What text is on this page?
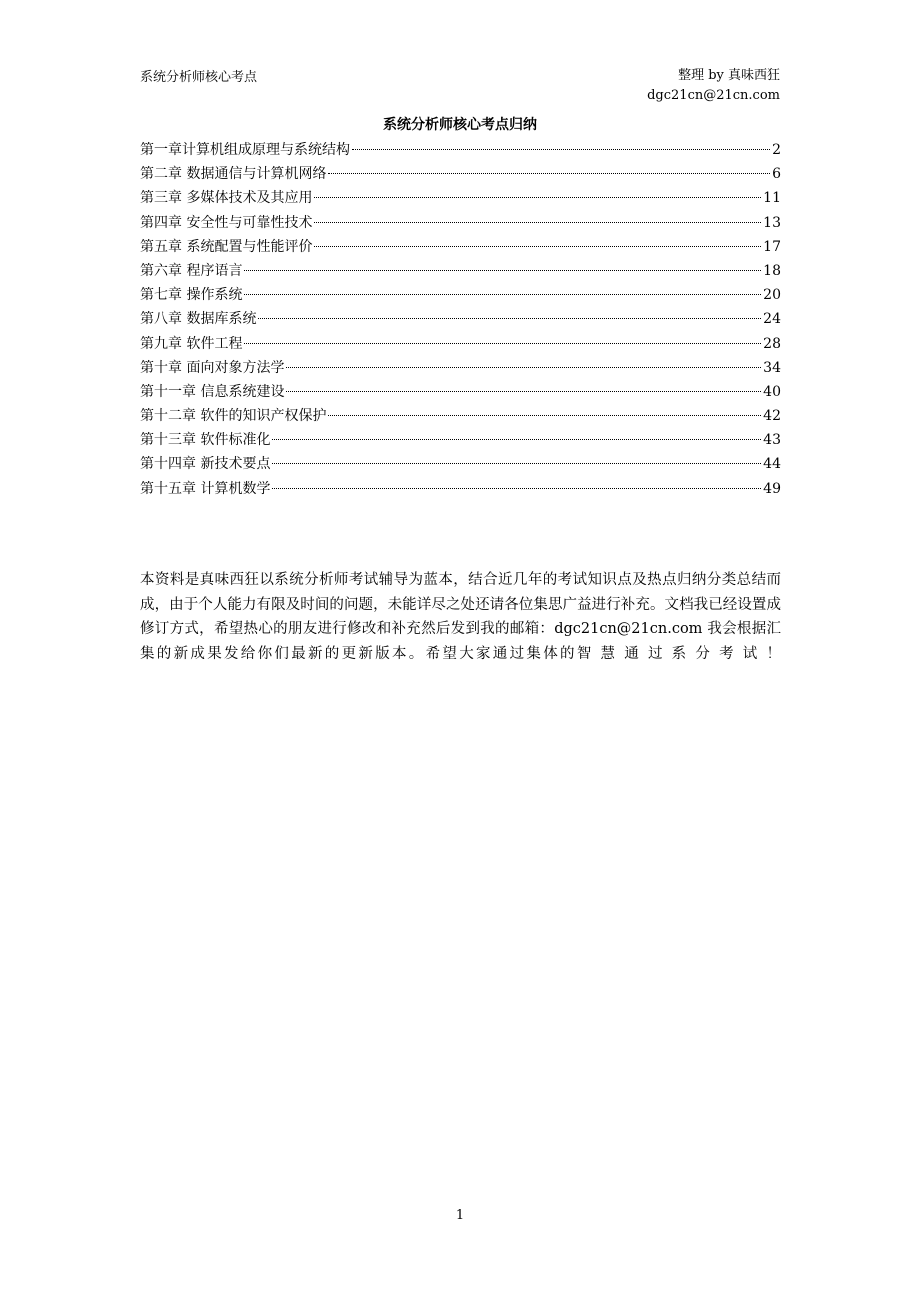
系统分析师核心考点	整理 by 真味西狂
dgc21cn@21cn.com
系统分析师核心考点归纳
第一章计算机组成原理与系统结构	2
第二章 数据通信与计算机网络	6
第三章 多媒体技术及其应用	11
第四章 安全性与可靠性技术	13
第五章 系统配置与性能评价	17
第六章 程序语言	18
第七章 操作系统	20
第八章 数据库系统	24
第九章 软件工程	28
第十章 面向对象方法学	34
第十一章 信息系统建设	40
第十二章 软件的知识产权保护	42
第十三章 软件标准化	43
第十四章 新技术要点	44
第十五章 计算机数学	49

本资料是真味西狂以系统分析师考试辅导为蓝本，结合近几年的考试知识点及热点归纳分类总结而成，由于个人能力有限及时间的问题，未能详尽之处还请各位集思广益进行补充。文档我已经设置成修订方式，希望热心的朋友进行修改和补充然后发到我的邮箱：dgc21cn@21cn.com 我会根据汇集的新成果发给你们最新的更新版本。希望大家通过集体的智 慧 通 过 系 分 考 试 ！

1
